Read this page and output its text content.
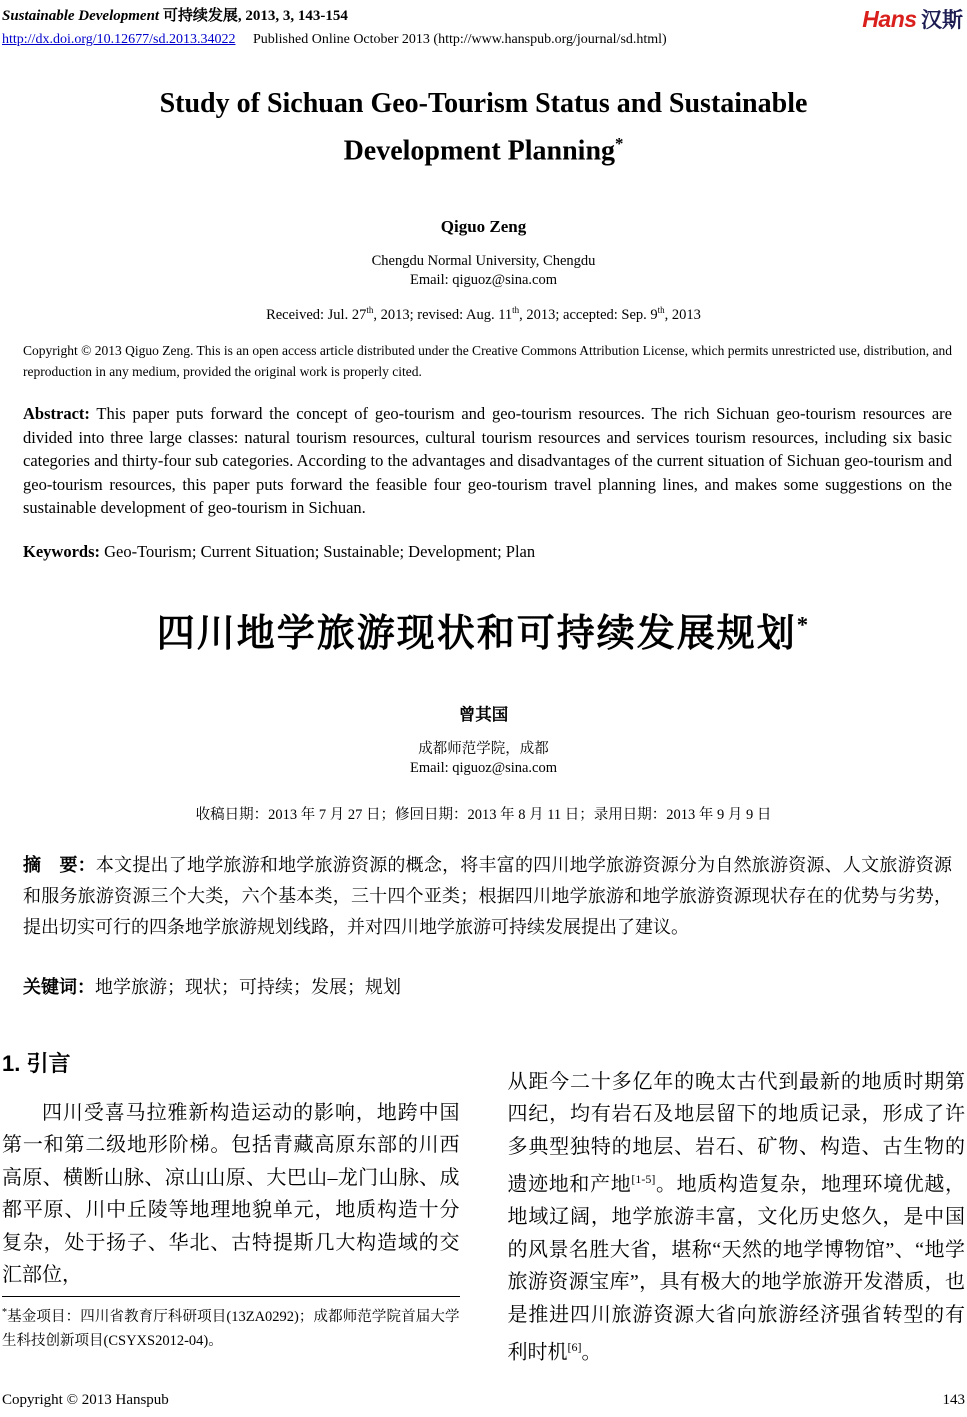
Sustainable Development 可持续发展, 2013, 3, 143-154
http://dx.doi.org/10.12677/sd.2013.34022 Published Online October 2013 (http://www.hanspub.org/journal/sd.html)
Hans 汉斯
Study of Sichuan Geo-Tourism Status and Sustainable
Development Planning*

Qiguo Zeng

Chengdu Normal University, Chengdu
Email: qiguoz@sina.com

Received: Jul. 27th, 2013; revised: Aug. 11th, 2013; accepted: Sep. 9th, 2013

Copyright © 2013 Qiguo Zeng. This is an open access article distributed under the Creative Commons Attribution License, which permits unrestricted use, distribution, and reproduction in any medium, provided the original work is properly cited.

Abstract: This paper puts forward the concept of geo-tourism and geo-tourism resources. The rich Sichuan geo-tourism resources are divided into three large classes: natural tourism resources, cultural tourism resources and services tourism resources, including six basic categories and thirty-four sub categories. According to the advantages and disadvantages of the current situation of Sichuan geo-tourism and geo-tourism resources, this paper puts forward the feasible four geo-tourism travel planning lines, and makes some suggestions on the sustainable development of geo-tourism in Sichuan.

Keywords: Geo-Tourism; Current Situation; Sustainable; Development; Plan

四川地学旅游现状和可持续发展规划*

曾其国

成都师范学院，成都
Email: qiguoz@sina.com

收稿日期：2013 年 7 月 27 日；修回日期：2013 年 8 月 11 日；录用日期：2013 年 9 月 9 日

摘　要：本文提出了地学旅游和地学旅游资源的概念，将丰富的四川地学旅游资源分为自然旅游资源、人文旅游资源和服务旅游资源三个大类，六个基本类，三十四个亚类；根据四川地学旅游和地学旅游资源现状存在的优势与劣势，提出切实可行的四条地学旅游规划线路，并对四川地学旅游可持续发展提出了建议。

关键词：地学旅游；现状；可持续；发展；规划

1. 引言

四川受喜马拉雅新构造运动的影响，地跨中国第一和第二级地形阶梯。包括青藏高原东部的川西高原、横断山脉、凉山山原、大巴山–龙门山脉、成都平原、川中丘陵等地理地貌单元，地质构造十分复杂，处于扬子、华北、古特提斯几大构造域的交汇部位，

*基金项目：四川省教育厅科研项目(13ZA0292)；成都师范学院首届大学生科技创新项目(CSYXS2012-04)。

从距今二十多亿年的晚太古代到最新的地质时期第四纪，均有岩石及地层留下的地质记录，形成了许多典型独特的地层、岩石、矿物、构造、古生物的遗迹地和产地[1-5]。地质构造复杂，地理环境优越，地域辽阔，地学旅游丰富，文化历史悠久，是中国的风景名胜大省，堪称“天然的地学博物馆”、“地学旅游资源宝库”，具有极大的地学旅游开发潜质，也是推进四川旅游资源大省向旅游经济强省转型的有利时机[6]。

Copyright © 2013 Hanspub	143
